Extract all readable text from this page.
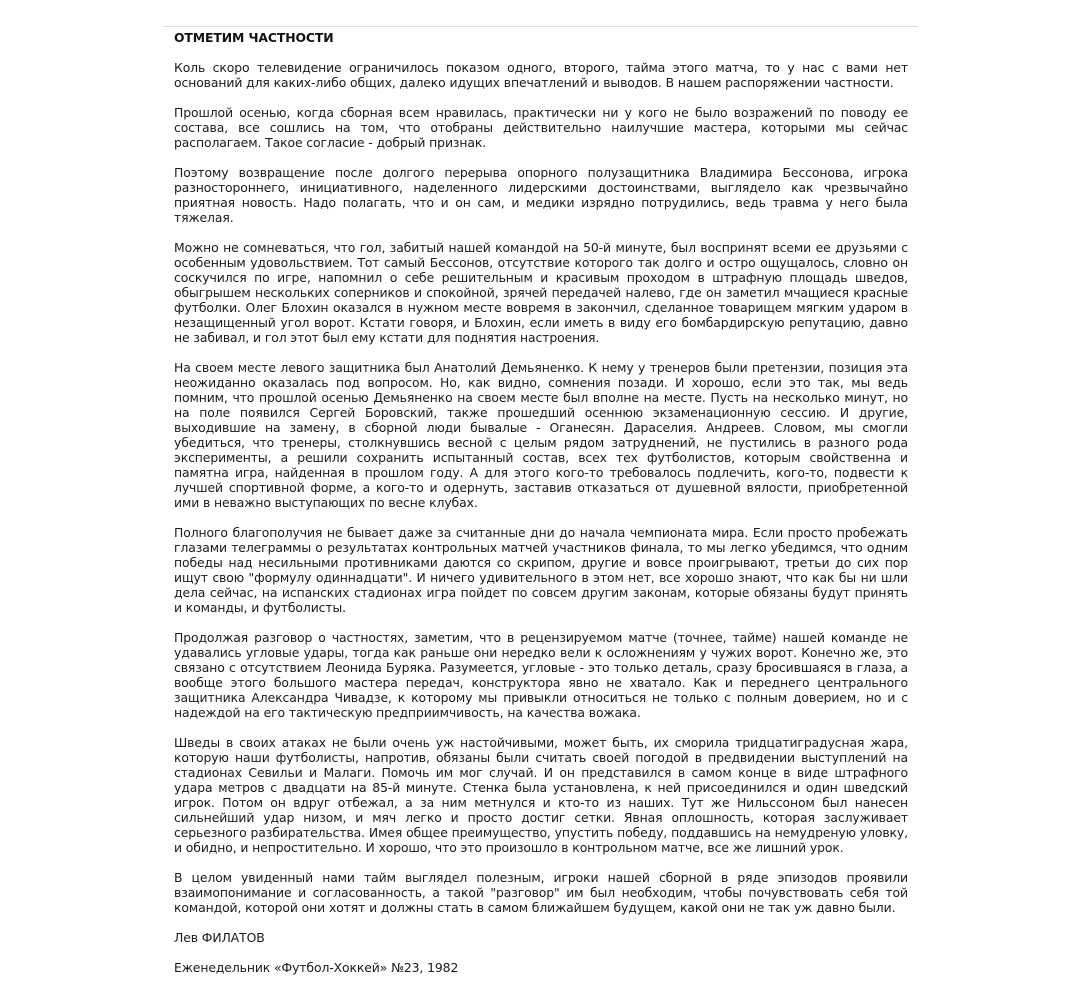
ОТМЕТИМ ЧАСТНОСТИ

Коль скоро телевидение ограничилось показом одного, второго, тайма этого матча, то у нас с вами нет оснований для каких-либо общих, далеко идущих впечатлений и выводов. В нашем распоряжении частности.

Прошлой осенью, когда сборная всем нравилась, практически ни у кого не было возражений по поводу ее состава, все сошлись на том, что отобраны действительно наилучшие мастера, которыми мы сейчас располагаем. Такое согласие - добрый признак.

Поэтому возвращение после долгого перерыва опорного полузащитника Владимира Бессонова, игрока разностороннего, инициативного, наделенного лидерскими достоинствами, выглядело как чрезвычайно приятная новость. Надо полагать, что и он сам, и медики изрядно потрудились, ведь травма у него была тяжелая.

Можно не сомневаться, что гол, забитый нашей командой на 50-й минуте, был воспринят всеми ее друзьями с особенным удовольствием. Тот самый Бессонов, отсутствие которого так долго и остро ощущалось, словно он соскучился по игре, напомнил о себе решительным и красивым проходом в штрафную площадь шведов, обыгрышем нескольких соперников и спокойной, зрячей передачей налево, где он заметил мчащиеся красные футболки. Олег Блохин оказался в нужном месте вовремя в закончил, сделанное товарищем мягким ударом в незащищенный угол ворот. Кстати говоря, и Блохин, если иметь в виду его бомбардирскую репутацию, давно не забивал, и гол этот был ему кстати для поднятия настроения.

На своем месте левого защитника был Анатолий Демьяненко. К нему у тренеров были претензии, позиция эта неожиданно оказалась под вопросом. Но, как видно, сомнения позади. И хорошо, если это так, мы ведь помним, что прошлой осенью Демьяненко на своем месте был вполне на месте. Пусть на несколько минут, но на поле появился Сергей Боровский, также прошедший осеннюю экзаменационную сессию. И другие, выходившие на замену, в сборной люди бывалые - Оганесян. Дараселия. Андреев. Словом, мы смогли убедиться, что тренеры, столкнувшись весной с целым рядом затруднений, не пустились в разного рода эксперименты, а решили сохранить испытанный состав, всех тех футболистов, которым свойственна и памятна игра, найденная в прошлом году. А для этого кого-то требовалось подлечить, кого-то, подвести к лучшей спортивной форме, а кого-то и одернуть, заставив отказаться от душевной вялости, приобретенной ими в неважно выступающих по весне клубах.

Полного благополучия не бывает даже за считанные дни до начала чемпионата мира. Если просто пробежать глазами телеграммы о результатах контрольных матчей участников финала, то мы легко убедимся, что одним победы над несильными противниками даются со скрипом, другие и вовсе проигрывают, третьи до сих пор ищут свою "формулу одиннадцати". И ничего удивительного в этом нет, все хорошо знают, что как бы ни шли дела сейчас, на испанских стадионах игра пойдет по совсем другим законам, которые обязаны будут принять и команды, и футболисты.

Продолжая разговор о частностях, заметим, что в рецензируемом матче (точнее, тайме) нашей команде не удавались угловые удары, тогда как раньше они нередко вели к осложнениям у чужих ворот. Конечно же, это связано с отсутствием Леонида Буряка. Разумеется, угловые - это только деталь, сразу бросившаяся в глаза, а вообще этого большого мастера передач, конструктора явно не хватало. Как и переднего центрального защитника Александра Чивадзе, к которому мы привыкли относиться не только с полным доверием, но и с надеждой на его тактическую предприимчивость, на качества вожака.

Шведы в своих атаках не были очень уж настойчивыми, может быть, их сморила тридцатиградусная жара, которую наши футболисты, напротив, обязаны были считать своей погодой в предвидении выступлений на стадионах Севильи и Малаги. Помочь им мог случай. И он представился в самом конце в виде штрафного удара метров с двадцати на 85-й минуте. Стенка была установлена, к ней присоединился и один шведский игрок. Потом он вдруг отбежал, а за ним метнулся и кто-то из наших. Тут же Нильссоном был нанесен сильнейший удар низом, и мяч легко и просто достиг сетки. Явная оплошность, которая заслуживает серьезного разбирательства. Имея общее преимущество, упустить победу, поддавшись на немудреную уловку, и обидно, и непростительно. И хорошо, что это произошло в контрольном матче, все же лишний урок.

В целом увиденный нами тайм выглядел полезным, игроки нашей сборной в ряде эпизодов проявили взаимопонимание и согласованность, а такой "разговор" им был необходим, чтобы почувствовать себя той командой, которой они хотят и должны стать в самом ближайшем будущем, какой они не так уж давно были.

Лев ФИЛАТОВ

Еженедельник «Футбол-Хоккей» №23, 1982
